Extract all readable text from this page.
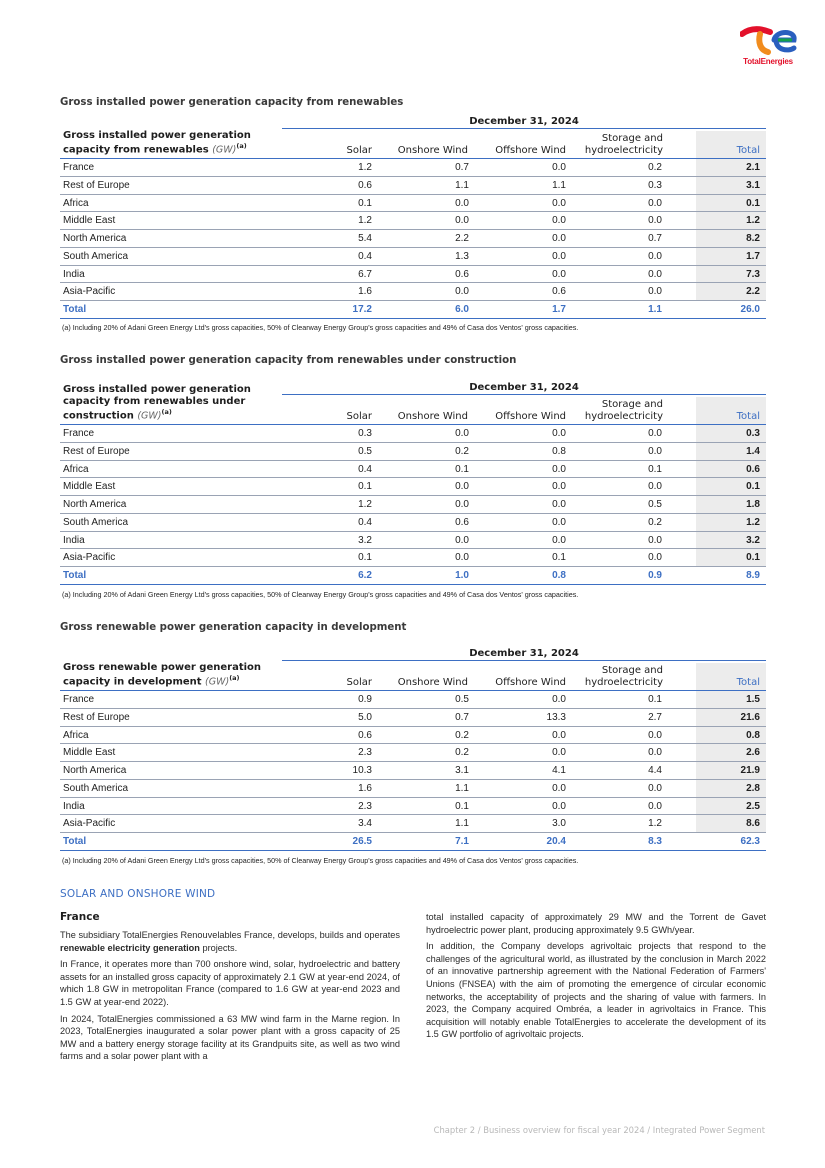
TotalEnergies
Gross installed power generation capacity from renewables
December 31, 2024
Gross installed power generation
capacity from renewables (GW)$^{(a)}$	Solar	Onshore Wind	Offshore Wind
Storage and
hydroelectricity	Total
France	1.2	0.7	0.0	0.2	2.1
Rest of Europe	0.6	1.1	1.1	0.3	3.1
Africa	0.1	0.0	0.0	0.0	0.1
Middle East	1.2	0.0	0.0	0.0	1.2
North America	5.4	2.2	0.0	0.7	8.2
South America	0.4	1.3	0.0	0.0	1.7
India	6.7	0.6	0.0	0.0	7.3
Asia-Pacific	1.6	0.0	0.6	0.0	2.2
Total	17.2	6.0	1.7	1.1	26.0
(a) Including 20% of Adani Green Energy Ltd's gross capacities, 50% of Clearway Energy Group's gross capacities and 49% of Casa dos Ventos' gross capacities.
Gross installed power generation capacity from renewables under construction
December 31, 2024
Gross installed power generation
capacity from renewables under
construction (GW)$^{(a)}$	Solar	Onshore Wind	Offshore Wind
Storage and
hydroelectricity	Total
France	0.3	0.0	0.0	0.0	0.3
Rest of Europe	0.5	0.2	0.8	0.0	1.4
Africa	0.4	0.1	0.0	0.1	0.6
Middle East	0.1	0.0	0.0	0.0	0.1
North America	1.2	0.0	0.0	0.5	1.8
South America	0.4	0.6	0.0	0.2	1.2
India	3.2	0.0	0.0	0.0	3.2
Asia-Pacific	0.1	0.0	0.1	0.0	0.1
Total	6.2	1.0	0.8	0.9	8.9
(a) Including 20% of Adani Green Energy Ltd's gross capacities, 50% of Clearway Energy Group's gross capacities and 49% of Casa dos Ventos' gross capacities.
Gross renewable power generation capacity in development
December 31, 2024
Gross renewable power generation
capacity in development (GW)$^{(a)}$	Solar	Onshore Wind	Offshore Wind
Storage and
hydroelectricity	Total
France	0.9	0.5	0.0	0.1	1.5
Rest of Europe	5.0	0.7	13.3	2.7	21.6
Africa	0.6	0.2	0.0	0.0	0.8
Middle East	2.3	0.2	0.0	0.0	2.6
North America	10.3	3.1	4.1	4.4	21.9
South America	1.6	1.1	0.0	0.0	2.8
India	2.3	0.1	0.0	0.0	2.5
Asia-Pacific	3.4	1.1	3.0	1.2	8.6
Total	26.5	7.1	20.4	8.3	62.3
(a) Including 20% of Adani Green Energy Ltd's gross capacities, 50% of Clearway Energy Group's gross capacities and 49% of Casa dos Ventos' gross capacities.
SOLAR AND ONSHORE WIND
France

The subsidiary TotalEnergies Renouvelables France, develops, builds and operates renewable electricity generation projects.

In France, it operates more than 700 onshore wind, solar, hydroelectric and battery assets for an installed gross capacity of approximately 2.1 GW at year-end 2024, of which 1.8 GW in metropolitan France (compared to 1.6 GW at year-end 2023 and 1.5 GW at year-end 2022).

In 2024, TotalEnergies commissioned a 63 MW wind farm in the Marne region. In 2023, TotalEnergies inaugurated a solar power plant with a gross capacity of 25 MW and a battery energy storage facility at its Grandpuits site, as well as two wind farms and a solar power plant with a

total installed capacity of approximately 29 MW and the Torrent de Gavet hydroelectric power plant, producing approximately 9.5 GWh/year.

In addition, the Company develops agrivoltaic projects that respond to the challenges of the agricultural world, as illustrated by the conclusion in March 2022 of an innovative partnership agreement with the National Federation of Farmers' Unions (FNSEA) with the aim of promoting the emergence of circular economic networks, the acceptability of projects and the sharing of value with farmers. In 2023, the Company acquired Ombréa, a leader in agrivoltaics in France. This acquisition will notably enable TotalEnergies to accelerate the development of its 1.5 GW portfolio of agrivoltaic projects.

Chapter 2 / Business overview for fiscal year 2024 / Integrated Power Segment
